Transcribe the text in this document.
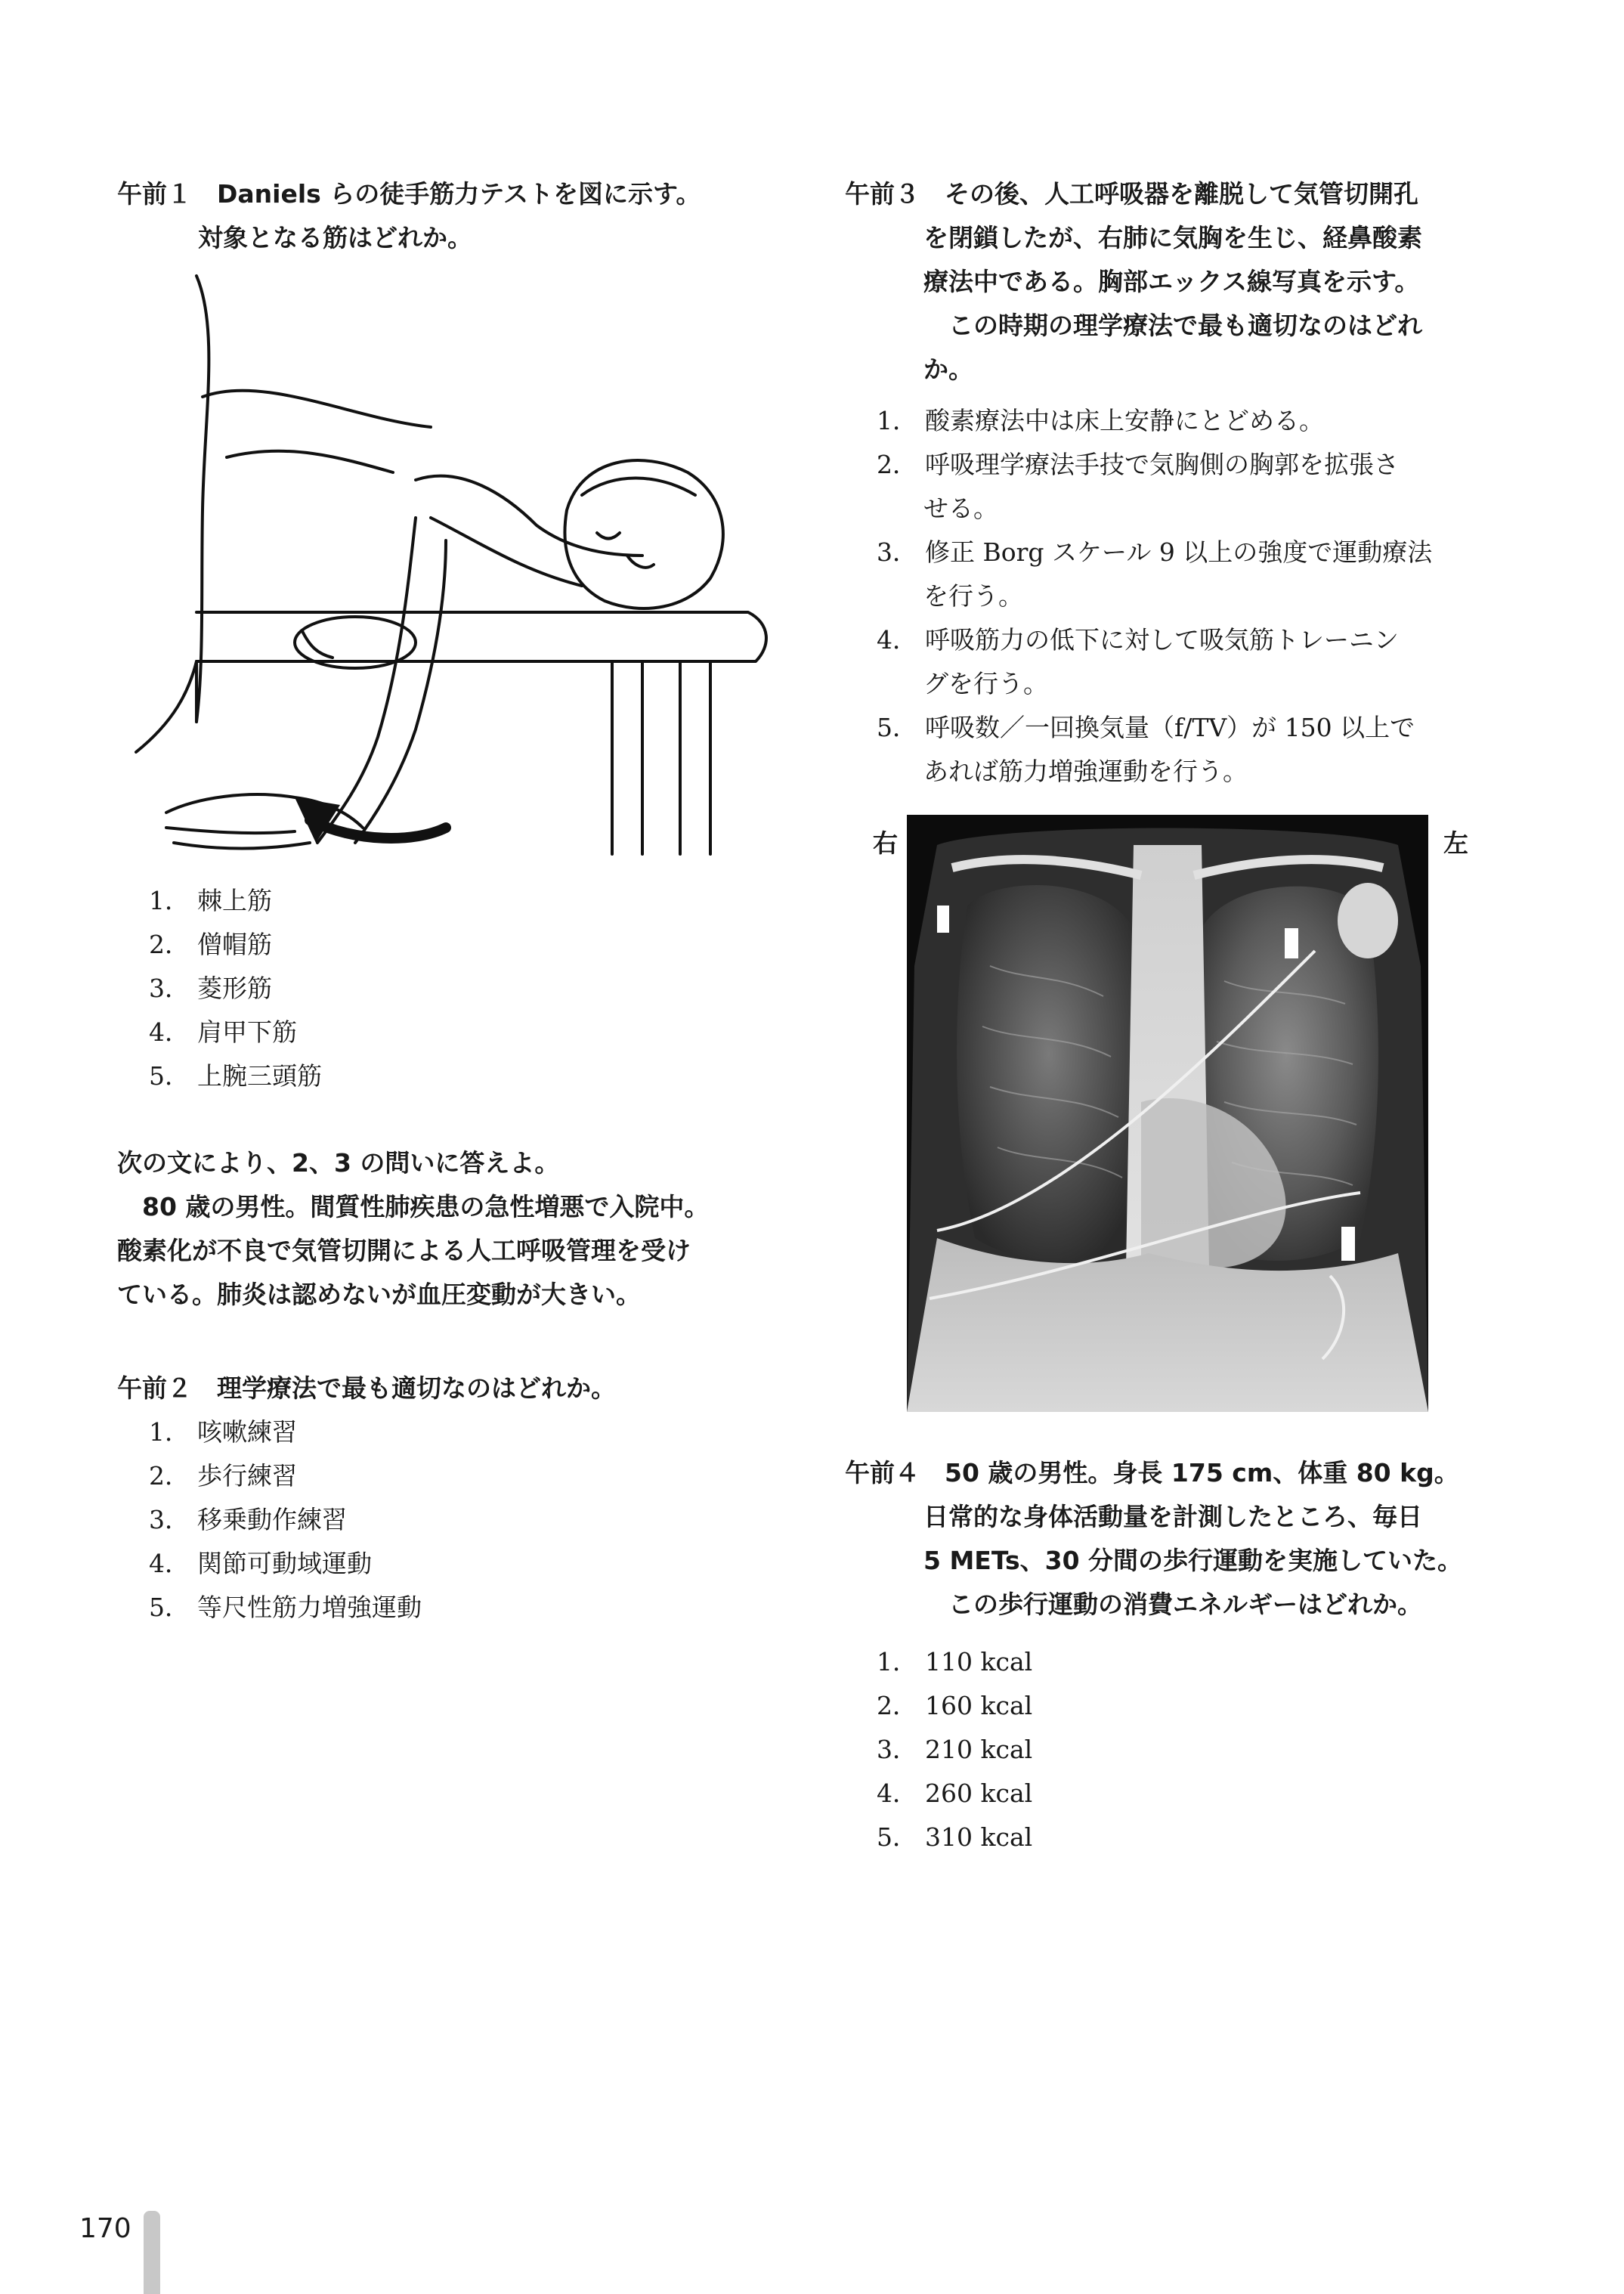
午前１　Daniels らの徒手筋力テストを図に示す。
対象となる筋はどれか。
1． 棘上筋
2． 僧帽筋
3． 菱形筋
4． 肩甲下筋
5． 上腕三頭筋
次の文により、2、3 の問いに答えよ。
　80 歳の男性。間質性肺疾患の急性増悪で入院中。
酸素化が不良で気管切開による人工呼吸管理を受け
ている。肺炎は認めないが血圧変動が大きい。
午前２　理学療法で最も適切なのはどれか。
1． 咳嗽練習
2． 歩行練習
3． 移乗動作練習
4． 関節可動域運動
5． 等尺性筋力増強運動
午前３　その後、人工呼吸器を離脱して気管切開孔
を閉鎖したが、右肺に気胸を生じ、経鼻酸素
療法中である。胸部エックス線写真を示す。
　この時期の理学療法で最も適切なのはどれ
か。
1． 酸素療法中は床上安静にとどめる。
2． 呼吸理学療法手技で気胸側の胸郭を拡張さ
せる。
3． 修正 Borg スケール 9 以上の強度で運動療法
を行う。
4． 呼吸筋力の低下に対して吸気筋トレーニン
グを行う。
5． 呼吸数／一回換気量（f/TV）が 150 以上で
あれば筋力増強運動を行う。
右	左
午前４　50 歳の男性。身長 175 cm、体重 80 kg。
日常的な身体活動量を計測したところ、毎日
5 METs、30 分間の歩行運動を実施していた。
　この歩行運動の消費エネルギーはどれか。
1． 110 kcal
2． 160 kcal
3． 210 kcal
4． 260 kcal
5． 310 kcal
170
